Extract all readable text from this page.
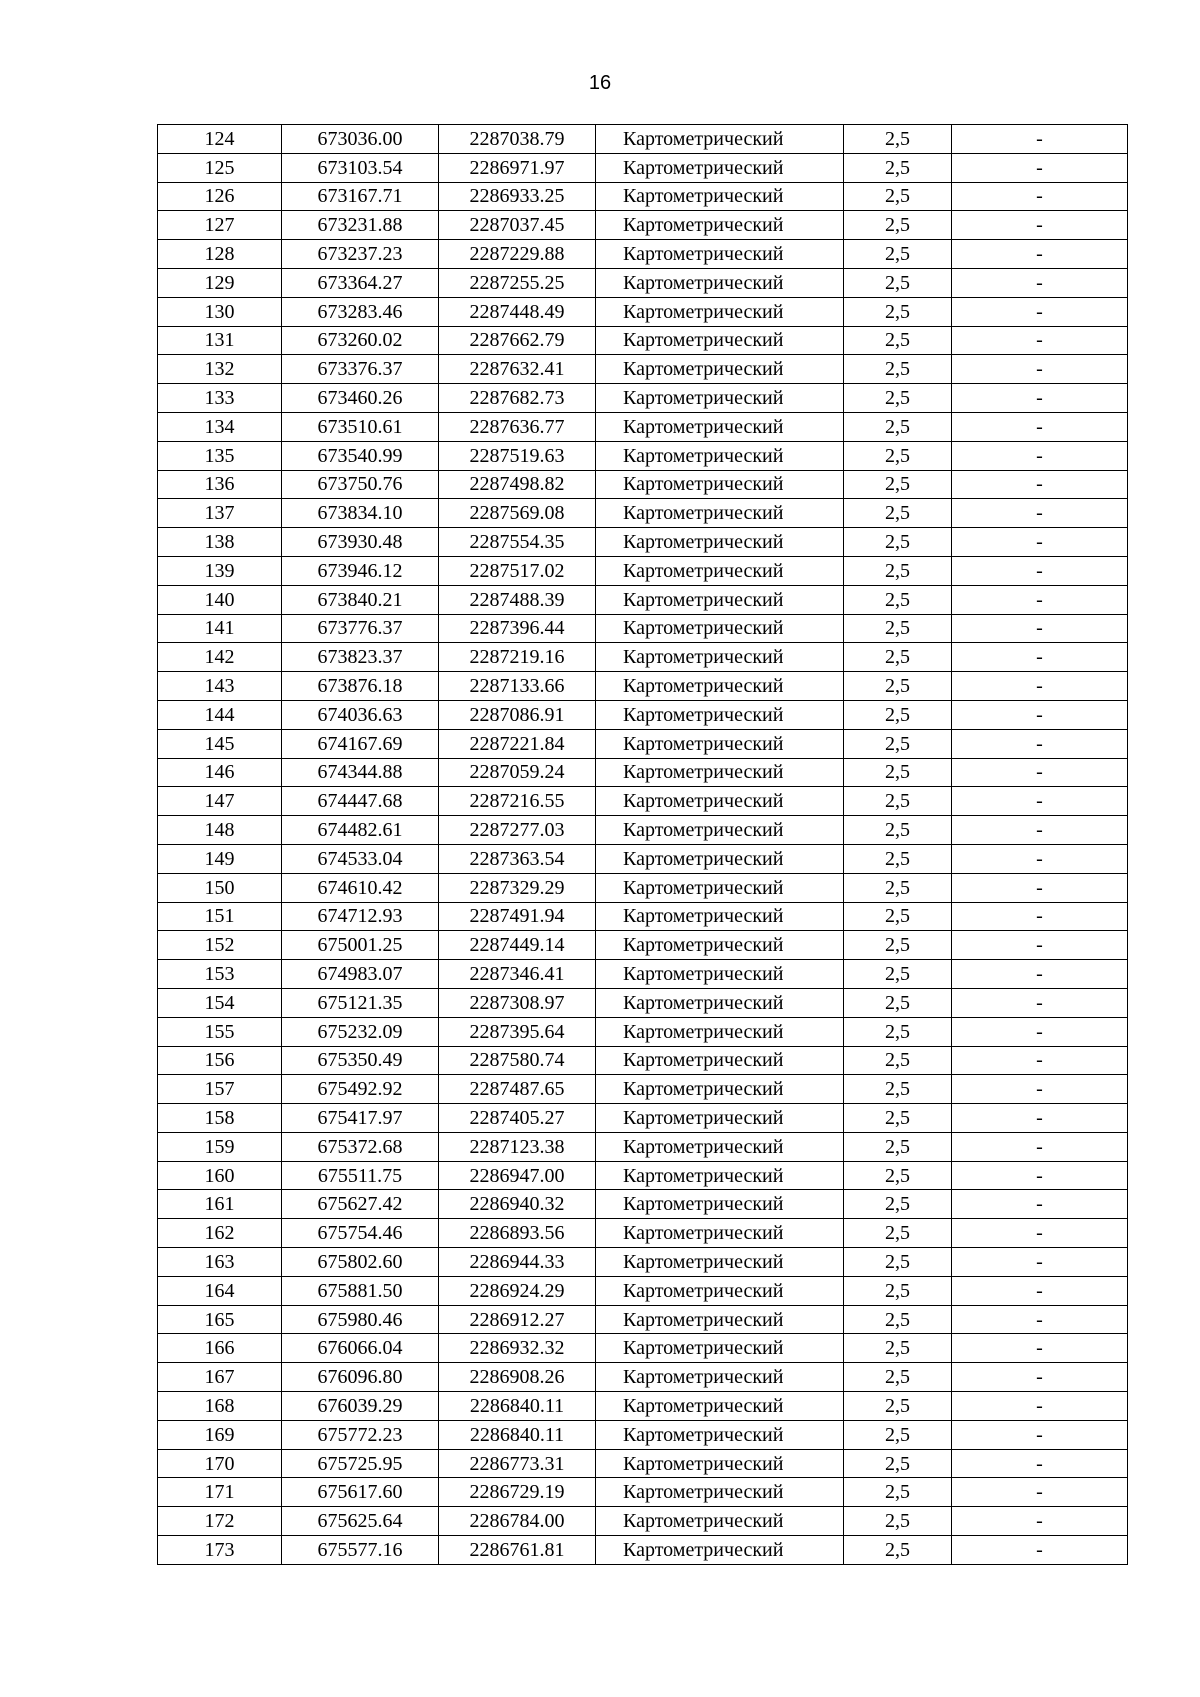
16
124	673036.00	2287038.79	Картометрический	2,5	-
125	673103.54	2286971.97	Картометрический	2,5	-
126	673167.71	2286933.25	Картометрический	2,5	-
127	673231.88	2287037.45	Картометрический	2,5	-
128	673237.23	2287229.88	Картометрический	2,5	-
129	673364.27	2287255.25	Картометрический	2,5	-
130	673283.46	2287448.49	Картометрический	2,5	-
131	673260.02	2287662.79	Картометрический	2,5	-
132	673376.37	2287632.41	Картометрический	2,5	-
133	673460.26	2287682.73	Картометрический	2,5	-
134	673510.61	2287636.77	Картометрический	2,5	-
135	673540.99	2287519.63	Картометрический	2,5	-
136	673750.76	2287498.82	Картометрический	2,5	-
137	673834.10	2287569.08	Картометрический	2,5	-
138	673930.48	2287554.35	Картометрический	2,5	-
139	673946.12	2287517.02	Картометрический	2,5	-
140	673840.21	2287488.39	Картометрический	2,5	-
141	673776.37	2287396.44	Картометрический	2,5	-
142	673823.37	2287219.16	Картометрический	2,5	-
143	673876.18	2287133.66	Картометрический	2,5	-
144	674036.63	2287086.91	Картометрический	2,5	-
145	674167.69	2287221.84	Картометрический	2,5	-
146	674344.88	2287059.24	Картометрический	2,5	-
147	674447.68	2287216.55	Картометрический	2,5	-
148	674482.61	2287277.03	Картометрический	2,5	-
149	674533.04	2287363.54	Картометрический	2,5	-
150	674610.42	2287329.29	Картометрический	2,5	-
151	674712.93	2287491.94	Картометрический	2,5	-
152	675001.25	2287449.14	Картометрический	2,5	-
153	674983.07	2287346.41	Картометрический	2,5	-
154	675121.35	2287308.97	Картометрический	2,5	-
155	675232.09	2287395.64	Картометрический	2,5	-
156	675350.49	2287580.74	Картометрический	2,5	-
157	675492.92	2287487.65	Картометрический	2,5	-
158	675417.97	2287405.27	Картометрический	2,5	-
159	675372.68	2287123.38	Картометрический	2,5	-
160	675511.75	2286947.00	Картометрический	2,5	-
161	675627.42	2286940.32	Картометрический	2,5	-
162	675754.46	2286893.56	Картометрический	2,5	-
163	675802.60	2286944.33	Картометрический	2,5	-
164	675881.50	2286924.29	Картометрический	2,5	-
165	675980.46	2286912.27	Картометрический	2,5	-
166	676066.04	2286932.32	Картометрический	2,5	-
167	676096.80	2286908.26	Картометрический	2,5	-
168	676039.29	2286840.11	Картометрический	2,5	-
169	675772.23	2286840.11	Картометрический	2,5	-
170	675725.95	2286773.31	Картометрический	2,5	-
171	675617.60	2286729.19	Картометрический	2,5	-
172	675625.64	2286784.00	Картометрический	2,5	-
173	675577.16	2286761.81	Картометрический	2,5	-
